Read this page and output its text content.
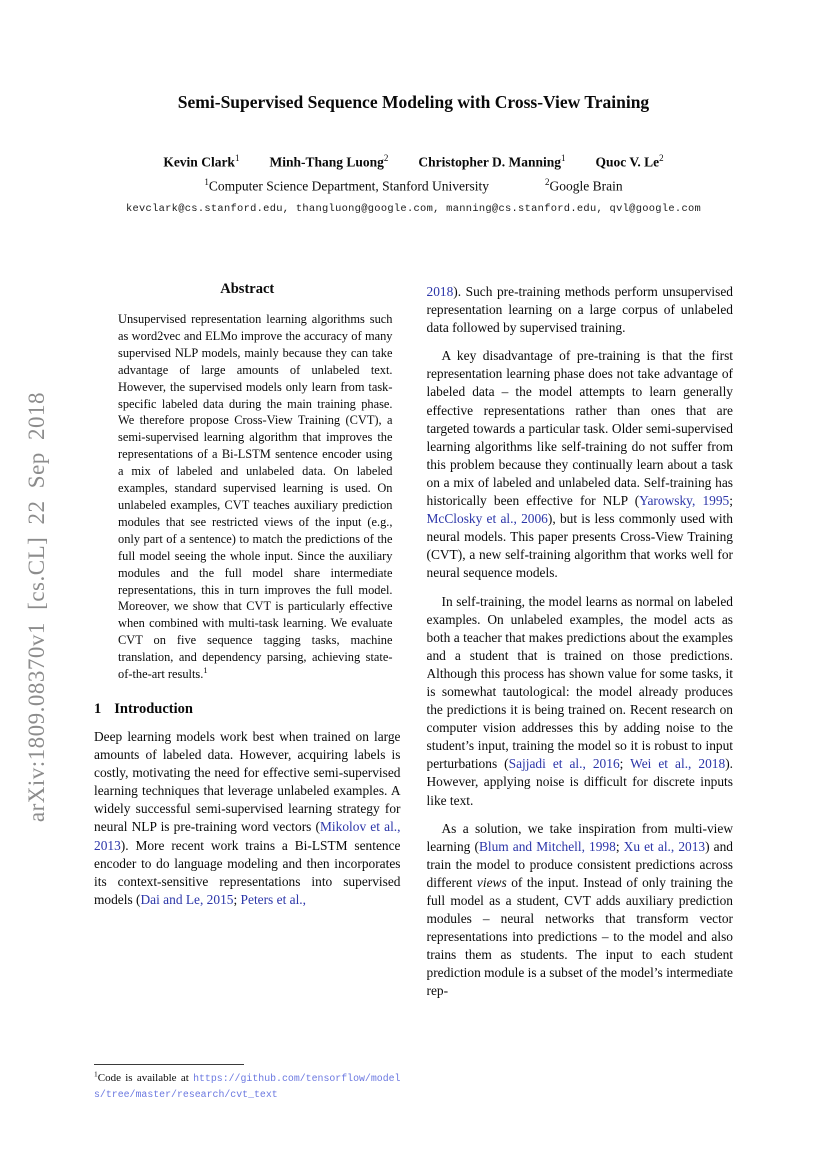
arXiv:1809.08370v1 [cs.CL] 22 Sep 2018
Semi-Supervised Sequence Modeling with Cross-View Training
Kevin Clark$^1$ Minh-Thang Luong$^2$ Christopher D. Manning$^1$ Quoc V. Le$^2$
$^1$Computer Science Department, Stanford University	$^2$Google Brain
kevclark@cs.stanford.edu, thangluong@google.com, manning@cs.stanford.edu, qvl@google.com
Abstract

Unsupervised representation learning algorithms such as word2vec and ELMo improve the accuracy of many supervised NLP models, mainly because they can take advantage of large amounts of unlabeled text. However, the supervised models only learn from task-specific labeled data during the main training phase. We therefore propose Cross-View Training (CVT), a semi-supervised learning algorithm that improves the representations of a Bi-LSTM sentence encoder using a mix of labeled and unlabeled data. On labeled examples, standard supervised learning is used. On unlabeled examples, CVT teaches auxiliary prediction modules that see restricted views of the input (e.g., only part of a sentence) to match the predictions of the full model seeing the whole input. Since the auxiliary modules and the full model share intermediate representations, this in turn improves the full model. Moreover, we show that CVT is particularly effective when combined with multi-task learning. We evaluate CVT on five sequence tagging tasks, machine translation, and dependency parsing, achieving state-of-the-art results.$^1$

1 Introduction

Deep learning models work best when trained on large amounts of labeled data. However, acquiring labels is costly, motivating the need for effective semi-supervised learning techniques that leverage unlabeled examples. A widely successful semi-supervised learning strategy for neural NLP is pre-training word vectors (Mikolov et al., 2013). More recent work trains a Bi-LSTM sentence encoder to do language modeling and then incorporates its context-sensitive representations into supervised models (Dai and Le, 2015; Peters et al.,

$^1$Code is available at https://github.com/tensorflow/models/tree/master/research/cvt_text

2018). Such pre-training methods perform unsupervised representation learning on a large corpus of unlabeled data followed by supervised training.

A key disadvantage of pre-training is that the first representation learning phase does not take advantage of labeled data – the model attempts to learn generally effective representations rather than ones that are targeted towards a particular task. Older semi-supervised learning algorithms like self-training do not suffer from this problem because they continually learn about a task on a mix of labeled and unlabeled data. Self-training has historically been effective for NLP (Yarowsky, 1995; McClosky et al., 2006), but is less commonly used with neural models. This paper presents Cross-View Training (CVT), a new self-training algorithm that works well for neural sequence models.

In self-training, the model learns as normal on labeled examples. On unlabeled examples, the model acts as both a teacher that makes predictions about the examples and a student that is trained on those predictions. Although this process has shown value for some tasks, it is somewhat tautological: the model already produces the predictions it is being trained on. Recent research on computer vision addresses this by adding noise to the student’s input, training the model so it is robust to input perturbations (Sajjadi et al., 2016; Wei et al., 2018). However, applying noise is difficult for discrete inputs like text.

As a solution, we take inspiration from multi-view learning (Blum and Mitchell, 1998; Xu et al., 2013) and train the model to produce consistent predictions across different views of the input. Instead of only training the full model as a student, CVT adds auxiliary prediction modules – neural networks that transform vector representations into predictions – to the model and also trains them as students. The input to each student prediction module is a subset of the model’s intermediate rep-
